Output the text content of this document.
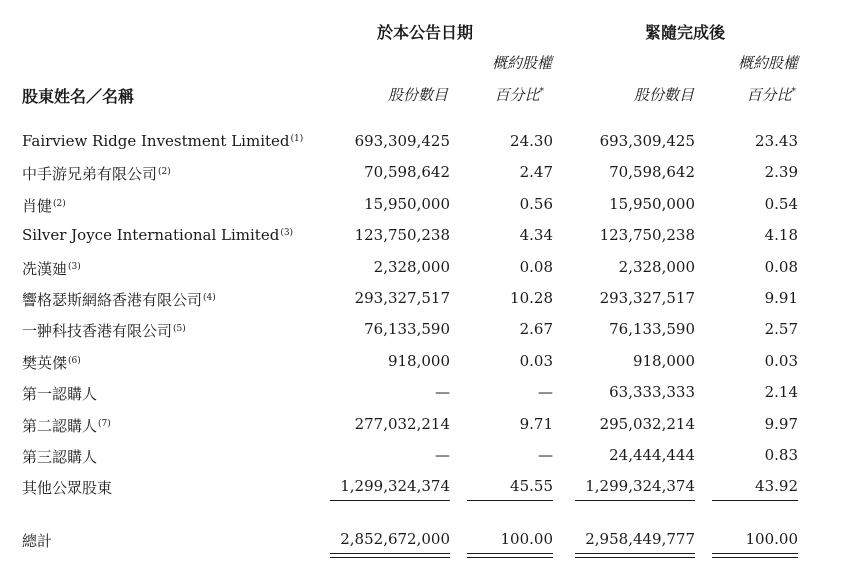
於本公告日期	緊隨完成後
概約股權	概約股權
股東姓名／名稱	股份數目	百分比*	股份數目	百分比*
Fairview Ridge Investment Limited$^{(1)}$	693,309,425	24.30	693,309,425	23.43
中手游兄弟有限公司$^{(2)}$	70,598,642	2.47	70,598,642	2.39
肖健$^{(2)}$	15,950,000	0.56	15,950,000	0.54
Silver Joyce International Limited$^{(3)}$	123,750,238	4.34	123,750,238	4.18
冼漢廸$^{(3)}$	2,328,000	0.08	2,328,000	0.08
響格瑟斯網絡香港有限公司$^{(4)}$	293,327,517	10.28	293,327,517	9.91
一翀科技香港有限公司$^{(5)}$	76,133,590	2.67	76,133,590	2.57
樊英傑$^{(6)}$	918,000	0.03	918,000	0.03
第一認購人	—	—	63,333,333	2.14
第二認購人$^{(7)}$	277,032,214	9.71	295,032,214	9.97
第三認購人	—	—	24,444,444	0.83
其他公眾股東	1,299,324,374	45.55	1,299,324,374	43.92
總計	2,852,672,000	100.00	2,958,449,777	100.00
